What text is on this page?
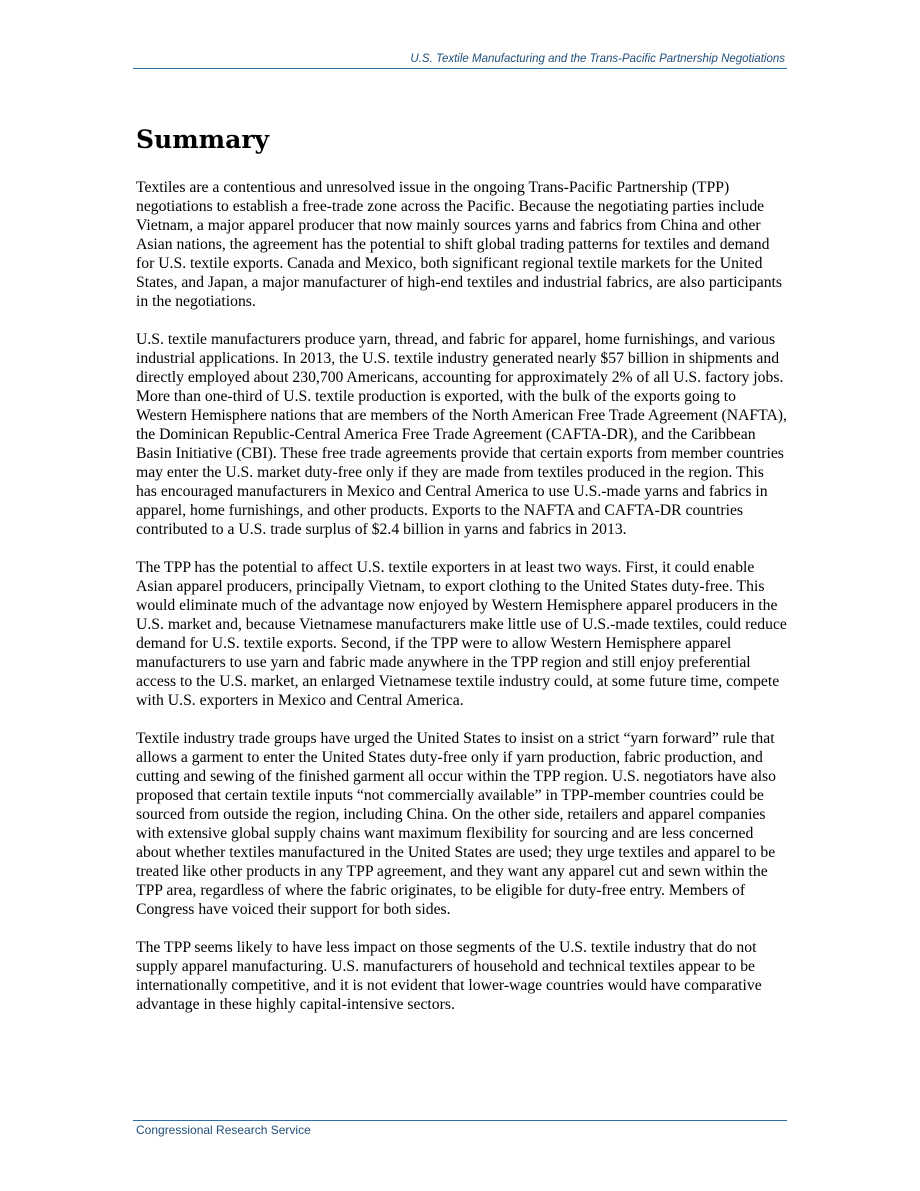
U.S. Textile Manufacturing and the Trans-Pacific Partnership Negotiations

Summary

Textiles are a contentious and unresolved issue in the ongoing Trans-Pacific Partnership (TPP) negotiations to establish a free-trade zone across the Pacific. Because the negotiating parties include Vietnam, a major apparel producer that now mainly sources yarns and fabrics from China and other Asian nations, the agreement has the potential to shift global trading patterns for textiles and demand for U.S. textile exports. Canada and Mexico, both significant regional textile markets for the United States, and Japan, a major manufacturer of high-end textiles and industrial fabrics, are also participants in the negotiations.

U.S. textile manufacturers produce yarn, thread, and fabric for apparel, home furnishings, and various industrial applications. In 2013, the U.S. textile industry generated nearly $57 billion in shipments and directly employed about 230,700 Americans, accounting for approximately 2% of all U.S. factory jobs. More than one-third of U.S. textile production is exported, with the bulk of the exports going to Western Hemisphere nations that are members of the North American Free Trade Agreement (NAFTA), the Dominican Republic-Central America Free Trade Agreement (CAFTA-DR), and the Caribbean Basin Initiative (CBI). These free trade agreements provide that certain exports from member countries may enter the U.S. market duty-free only if they are made from textiles produced in the region. This has encouraged manufacturers in Mexico and Central America to use U.S.-made yarns and fabrics in apparel, home furnishings, and other products. Exports to the NAFTA and CAFTA-DR countries contributed to a U.S. trade surplus of $2.4 billion in yarns and fabrics in 2013.

The TPP has the potential to affect U.S. textile exporters in at least two ways. First, it could enable Asian apparel producers, principally Vietnam, to export clothing to the United States duty-free. This would eliminate much of the advantage now enjoyed by Western Hemisphere apparel producers in the U.S. market and, because Vietnamese manufacturers make little use of U.S.-made textiles, could reduce demand for U.S. textile exports. Second, if the TPP were to allow Western Hemisphere apparel manufacturers to use yarn and fabric made anywhere in the TPP region and still enjoy preferential access to the U.S. market, an enlarged Vietnamese textile industry could, at some future time, compete with U.S. exporters in Mexico and Central America.

Textile industry trade groups have urged the United States to insist on a strict “yarn forward” rule that allows a garment to enter the United States duty-free only if yarn production, fabric production, and cutting and sewing of the finished garment all occur within the TPP region. U.S. negotiators have also proposed that certain textile inputs “not commercially available” in TPP-member countries could be sourced from outside the region, including China. On the other side, retailers and apparel companies with extensive global supply chains want maximum flexibility for sourcing and are less concerned about whether textiles manufactured in the United States are used; they urge textiles and apparel to be treated like other products in any TPP agreement, and they want any apparel cut and sewn within the TPP area, regardless of where the fabric originates, to be eligible for duty-free entry. Members of Congress have voiced their support for both sides.

The TPP seems likely to have less impact on those segments of the U.S. textile industry that do not supply apparel manufacturing. U.S. manufacturers of household and technical textiles appear to be internationally competitive, and it is not evident that lower-wage countries would have comparative advantage in these highly capital-intensive sectors.

Congressional Research Service
